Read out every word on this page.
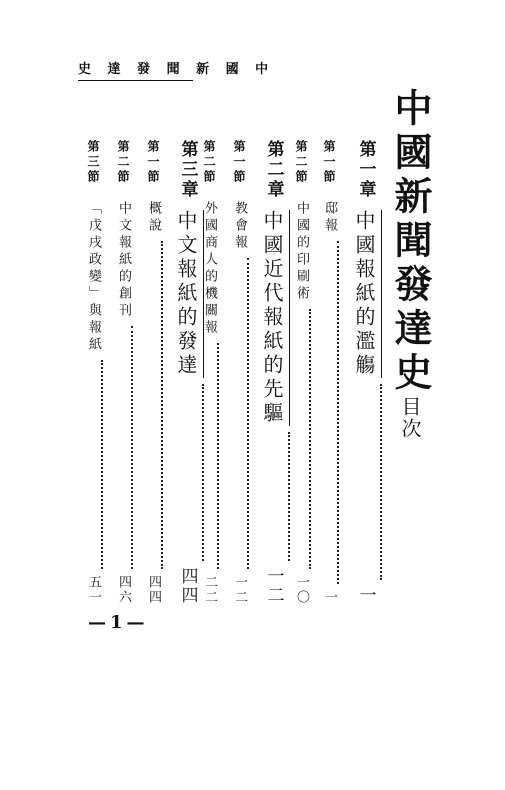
史 達 發 聞 新 國 中
中國新聞發達史目次
第一章
中國報紙的濫觴
一
第一節
邸報
一
第二節
中國的印刷術
一〇
第二章
中國近代報紙的先驅
一二
第一節
教會報
一二
第二節
外國商人的機關報
二二
第三章
中文報紙的發達
四四
第一節
概說
四四
第二節
中文報紙的創刊
四六
第三節
「戊戌政變」與報紙
五一
—1—
